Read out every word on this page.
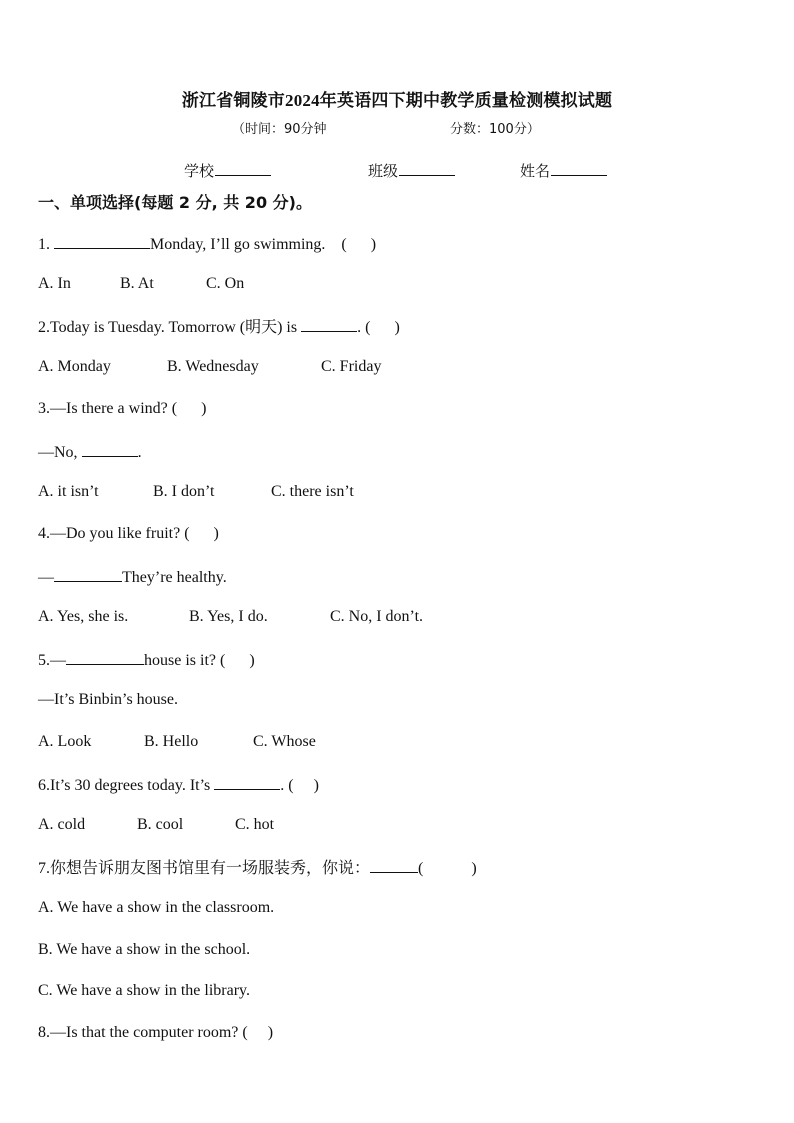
浙江省铜陵市2024年英语四下期中教学质量检测模拟试题
（时间：90分钟	分数：100分）
学校	班级	姓名
一、单项选择(每题 2 分, 共 20 分)。
1.	Monday, I’ll go swimming.    (      )
A. In	B. At	C. On
2.Today is Tuesday. Tomorrow (明天) is	. (      )
A. Monday	B. Wednesday	C. Friday
3.—Is there a wind? (      )
—No,	.
A. it isn’t	B. I don’t	C. there isn’t
4.—Do you like fruit? (      )
—	They’re healthy.
A. Yes, she is.	B. Yes, I do.	C. No, I don’t.
5.—	house is it? (      )
—It’s Binbin’s house.
A. Look	B. Hello	C. Whose
6.It’s 30 degrees today. It’s	. (     )
A. cold	B. cool	C. hot
7.你想告诉朋友图书馆里有一场服装秀，你说：	(            )
A. We have a show in the classroom.
B. We have a show in the school.
C. We have a show in the library.
8.—Is that the computer room? (     )
